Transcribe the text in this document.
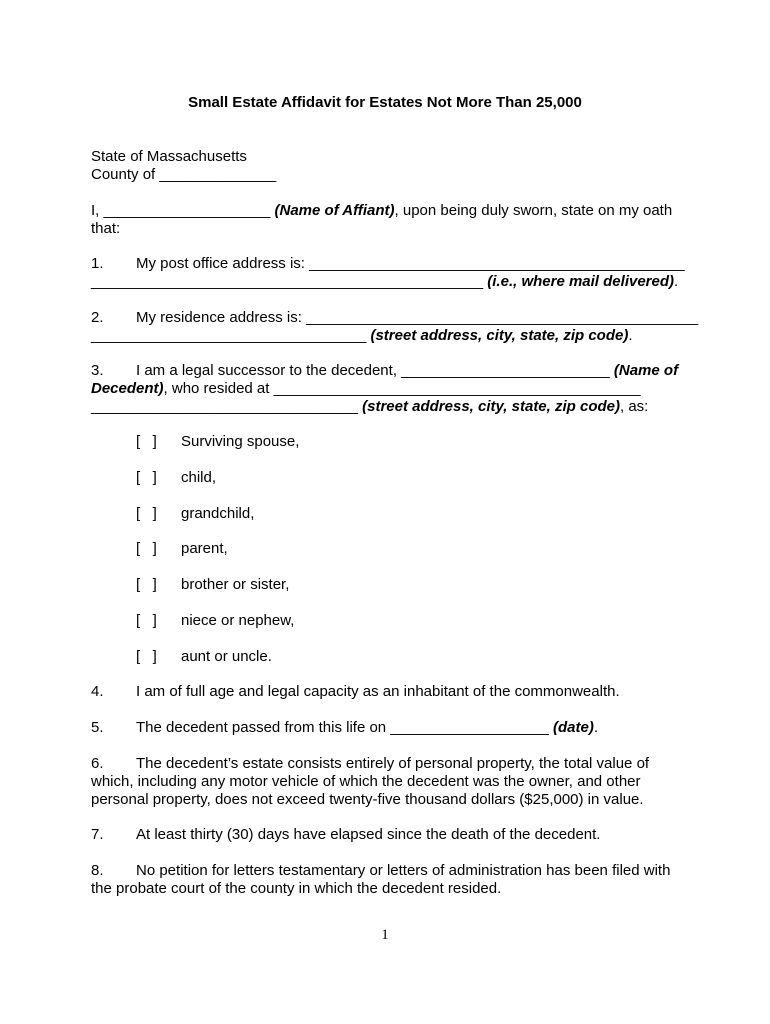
Small Estate Affidavit for Estates Not More Than 25,000
State of Massachusetts
County of ______________
I, ____________________ (Name of Affiant), upon being duly sworn, state on my oath
that:
1. My post office address is: _____________________________________________
_______________________________________________ (i.e., where mail delivered).
2. My residence address is: _______________________________________________
_________________________________ (street address, city, state, zip code).
3. I am a legal successor to the decedent, _________________________ (Name of
Decedent), who resided at ____________________________________________
________________________________ (street address, city, state, zip code), as:
[   ] Surviving spouse,
[   ] child,
[   ] grandchild,
[   ] parent,
[   ] brother or sister,
[   ] niece or nephew,
[   ] aunt or uncle.
4. I am of full age and legal capacity as an inhabitant of the commonwealth.
5. The decedent passed from this life on ___________________ (date).
6. The decedent’s estate consists entirely of personal property, the total value of
which, including any motor vehicle of which the decedent was the owner, and other
personal property, does not exceed twenty-five thousand dollars ($25,000) in value.
7. At least thirty (30) days have elapsed since the death of the decedent.
8. No petition for letters testamentary or letters of administration has been filed with
the probate court of the county in which the decedent resided.
1
